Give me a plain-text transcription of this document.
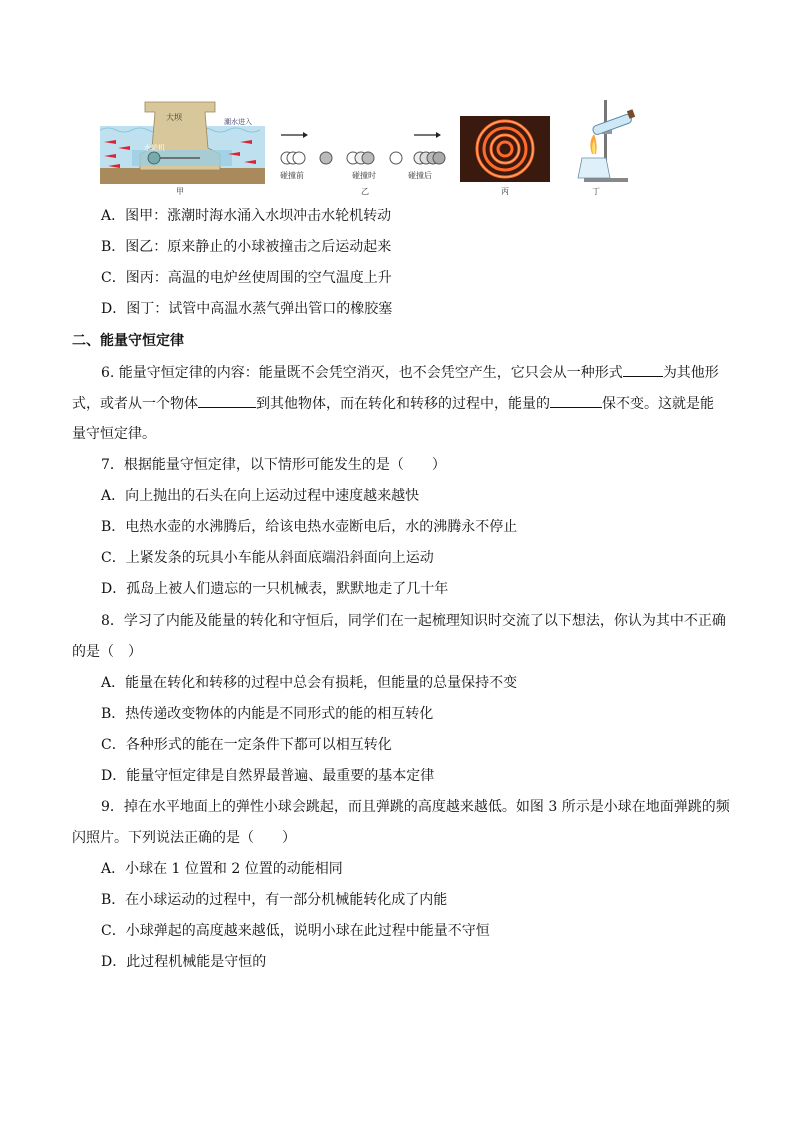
大坝	潮水进入
水轮机
甲
碰撞前	碰撞时	碰撞后
乙	丙	丁
A．图甲：涨潮时海水涌入水坝冲击水轮机转动
B．图乙：原来静止的小球被撞击之后运动起来
C．图丙：高温的电炉丝使周围的空气温度上升
D．图丁：试管中高温水蒸气弹出管口的橡胶塞
二、能量守恒定律
6. 能量守恒定律的内容：能量既不会凭空消灭，也不会凭空产生，它只会从一种形式	为其他形
式，或者从一个物体	到其他物体，而在转化和转移的过程中，能量的	保不变。这就是能
量守恒定律。
7．根据能量守恒定律，以下情形可能发生的是（　　）
A．向上抛出的石头在向上运动过程中速度越来越快
B．电热水壶的水沸腾后，给该电热水壶断电后，水的沸腾永不停止
C．上紧发条的玩具小车能从斜面底端沿斜面向上运动
D．孤岛上被人们遗忘的一只机械表，默默地走了几十年
8．学习了内能及能量的转化和守恒后，同学们在一起梳理知识时交流了以下想法，你认为其中不正确
的是（　）
A．能量在转化和转移的过程中总会有损耗，但能量的总量保持不变
B．热传递改变物体的内能是不同形式的能的相互转化
C．各种形式的能在一定条件下都可以相互转化
D．能量守恒定律是自然界最普遍、最重要的基本定律
9．掉在水平地面上的弹性小球会跳起，而且弹跳的高度越来越低。如图 3 所示是小球在地面弹跳的频
闪照片。下列说法正确的是（　　）
A．小球在 1 位置和 2 位置的动能相同
B．在小球运动的过程中，有一部分机械能转化成了内能
C．小球弹起的高度越来越低，说明小球在此过程中能量不守恒
D．此过程机械能是守恒的
